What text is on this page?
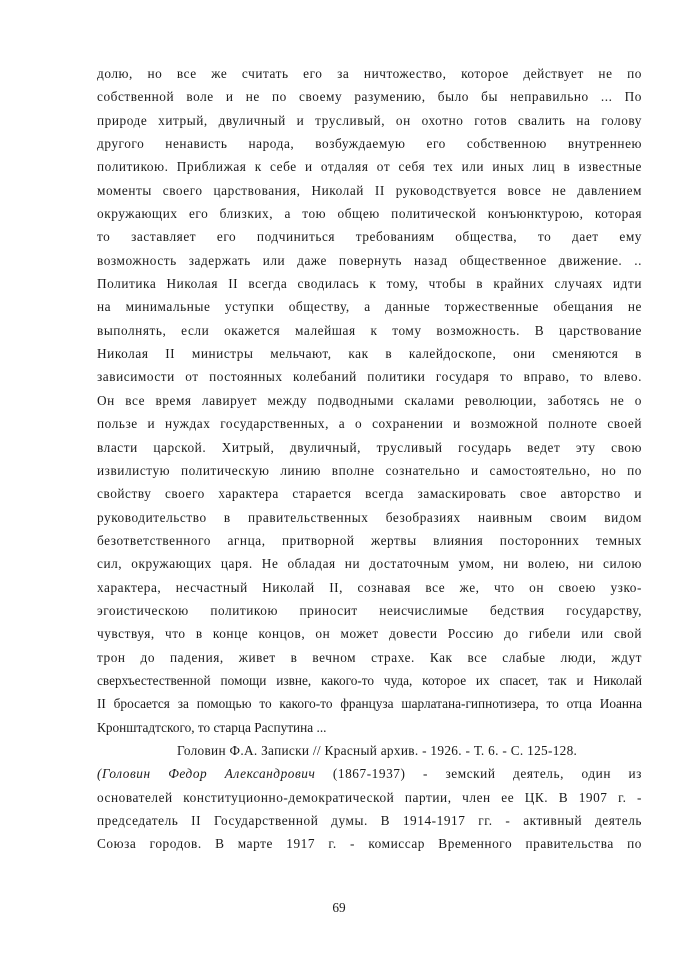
долю, но все же считать его за ничтожество, которое действует не по
собственной воле и не по своему разумению, было бы неправильно ... По
природе хитрый, двуличный и трусливый, он охотно готов свалить на голову
другого ненависть народа, возбуждаемую его собственною внутреннею
политикою. Приближая к себе и отдаляя от себя тех или иных лиц в известные
моменты своего царствования, Николай II руководствуется вовсе не давлением
окружающих его близких, а тою общею политической конъюнктурою, которая
то заставляет его подчиниться требованиям общества, то дает ему
возможность задержать или даже повернуть назад общественное движение. ..
Политика Николая II всегда сводилась к тому, чтобы в крайних случаях идти
на минимальные уступки обществу, а данные торжественные обещания не
выполнять, если окажется малейшая к тому возможность. В царствование
Николая II министры мельчают, как в калейдоскопе, они сменяются в
зависимости от постоянных колебаний политики государя то вправо, то влево.
Он все время лавирует между подводными скалами революции, заботясь не о
пользе и нуждах государственных, а о сохранении и возможной полноте своей
власти царской. Хитрый, двуличный, трусливый государь ведет эту свою
извилистую политическую линию вполне сознательно и самостоятельно, но по
свойству своего характера старается всегда замаскировать свое авторство и
руководительство в правительственных безобразиях наивным своим видом
безответственного агнца, притворной жертвы влияния посторонних темных
сил, окружающих царя. Не обладая ни достаточным умом, ни волею, ни силою
характера, несчастный Николай II, сознавая все же, что он своею узко-
эгоистическою политикою приносит неисчислимые бедствия государству,
чувствуя, что в конце концов, он может довести Россию до гибели или свой
трон до падения, живет в вечном страхе. Как все слабые люди, ждут
сверхъестественной помощи извне, какого-то чуда, которое их спасет, так и Николай
II бросается за помощью то какого-то француза шарлатана-гипнотизера, то отца Иоанна
Кронштадтского, то старца Распутина ...
Головин Ф.А. Записки // Красный архив. - 1926. - Т. 6. - С. 125-128.
(Головин Федор Александрович (1867-1937) - земский деятель, один из
основателей конституционно-демократической партии, член ее ЦК. В 1907 г. -
председатель II Государственной думы. В 1914-1917 гг. - активный деятель
Союза городов. В марте 1917 г. - комиссар Временного правительства по
69
